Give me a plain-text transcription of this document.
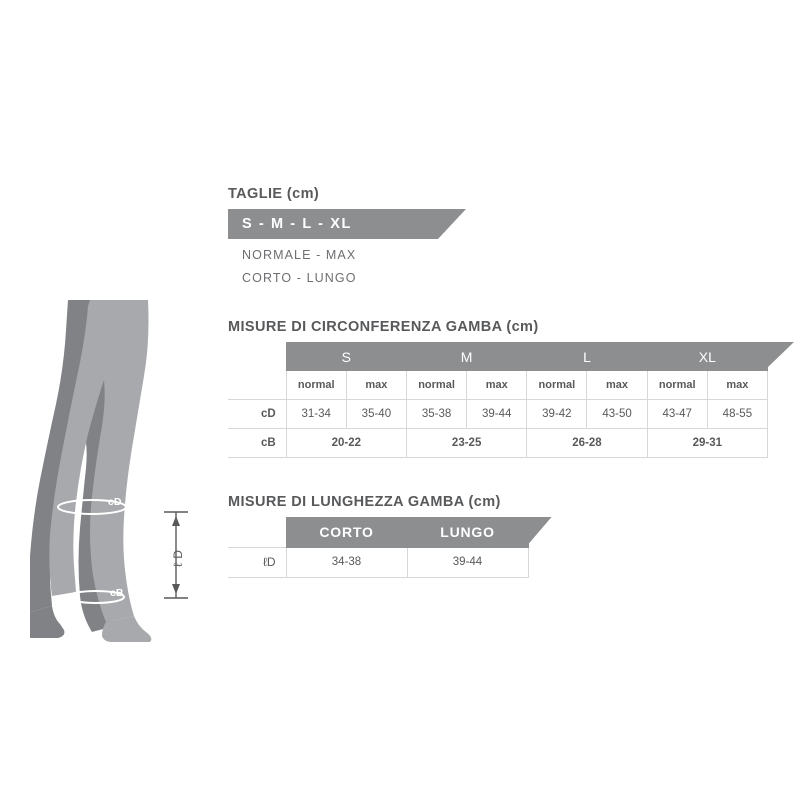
cD
cB
ℓ D
TAGLIE (cm)
S - M - L - XL
NORMALE - MAX
CORTO - LUNGO
MISURE DI CIRCONFERENZA GAMBA (cm)
	S		M		L		XL	
	normal	max	normal	max	normal	max	normal	max
cD	31-34	35-40	35-38	39-44	39-42	43-50	43-47	48-55
cB	20-22		23-25		26-28		29-31	
MISURE DI LUNGHEZZA GAMBA (cm)
	CORTO	LUNGO
ℓD	34-38	39-44
